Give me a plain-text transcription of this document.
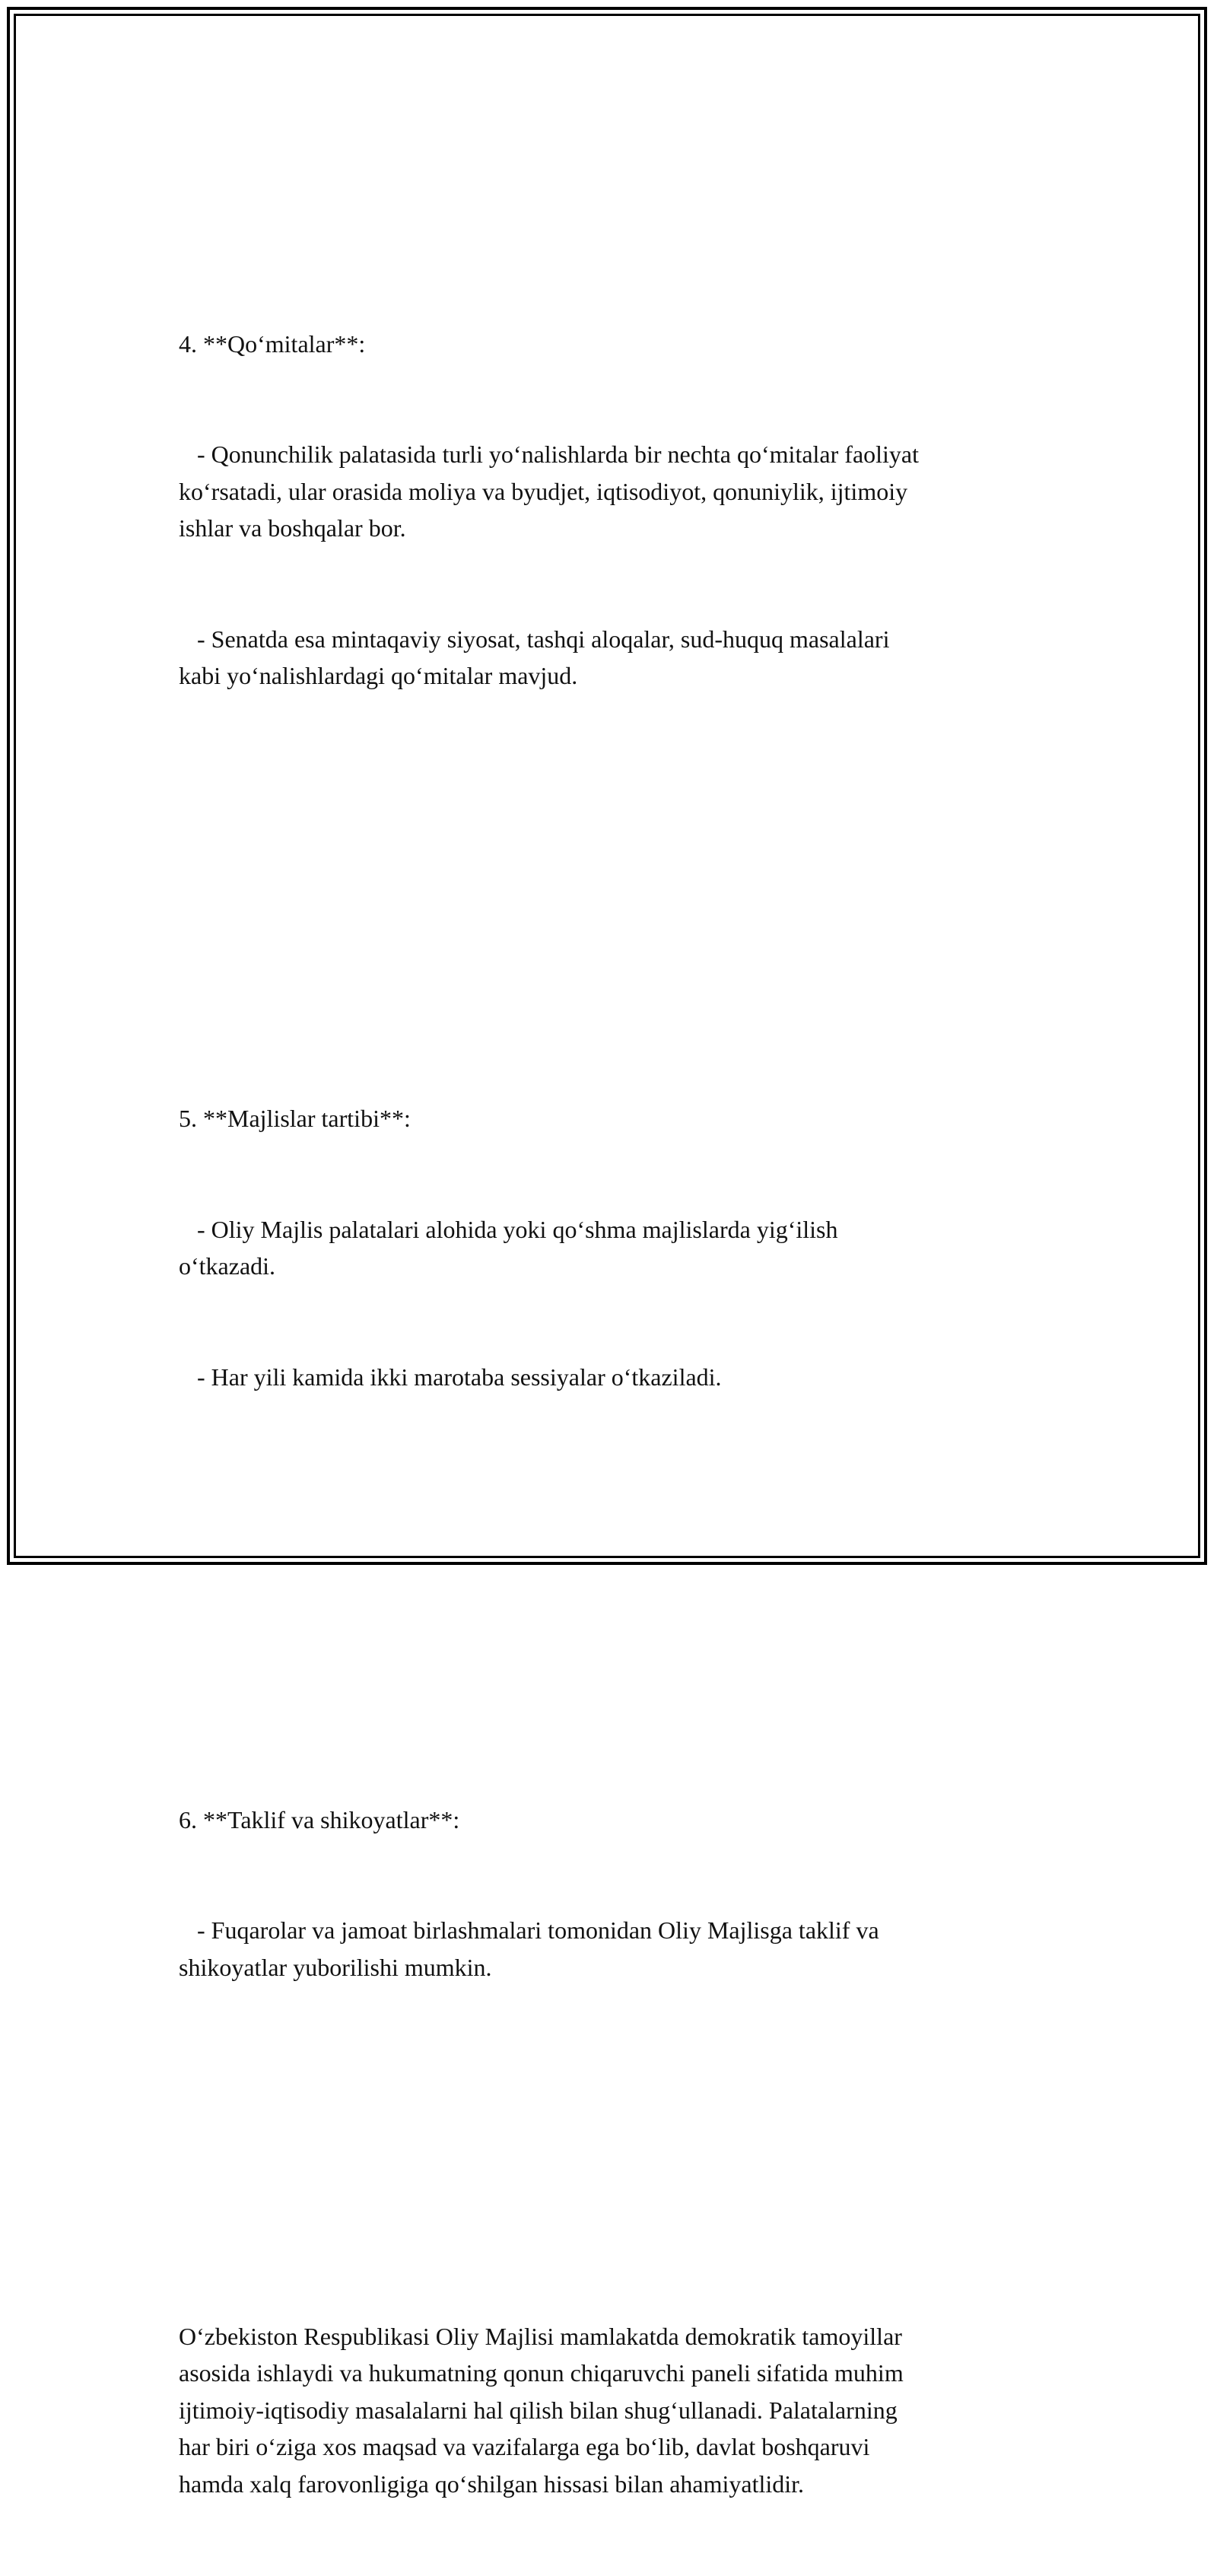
4. **Qo‘mitalar**:

- Qonunchilik palatasida turli yo‘nalishlarda bir nechta qo‘mitalar faoliyat
ko‘rsatadi, ular orasida moliya va byudjet, iqtisodiyot, qonuniylik, ijtimoiy
ishlar va boshqalar bor.

- Senatda esa mintaqaviy siyosat, tashqi aloqalar, sud-huquq masalalari
kabi yo‘nalishlardagi qo‘mitalar mavjud.

5. **Majlislar tartibi**:

- Oliy Majlis palatalari alohida yoki qo‘shma majlislarda yig‘ilish
o‘tkazadi.

- Har yili kamida ikki marotaba sessiyalar o‘tkaziladi.

6. **Taklif va shikoyatlar**:

- Fuqarolar va jamoat birlashmalari tomonidan Oliy Majlisga taklif va
shikoyatlar yuborilishi mumkin.

O‘zbekiston Respublikasi Oliy Majlisi mamlakatda demokratik tamoyillar
asosida ishlaydi va hukumatning qonun chiqaruvchi paneli sifatida muhim
ijtimoiy-iqtisodiy masalalarni hal qilish bilan shug‘ullanadi. Palatalarning
har biri o‘ziga xos maqsad va vazifalarga ega bo‘lib, davlat boshqaruvi
hamda xalq farovonligiga qo‘shilgan hissasi bilan ahamiyatlidir.
